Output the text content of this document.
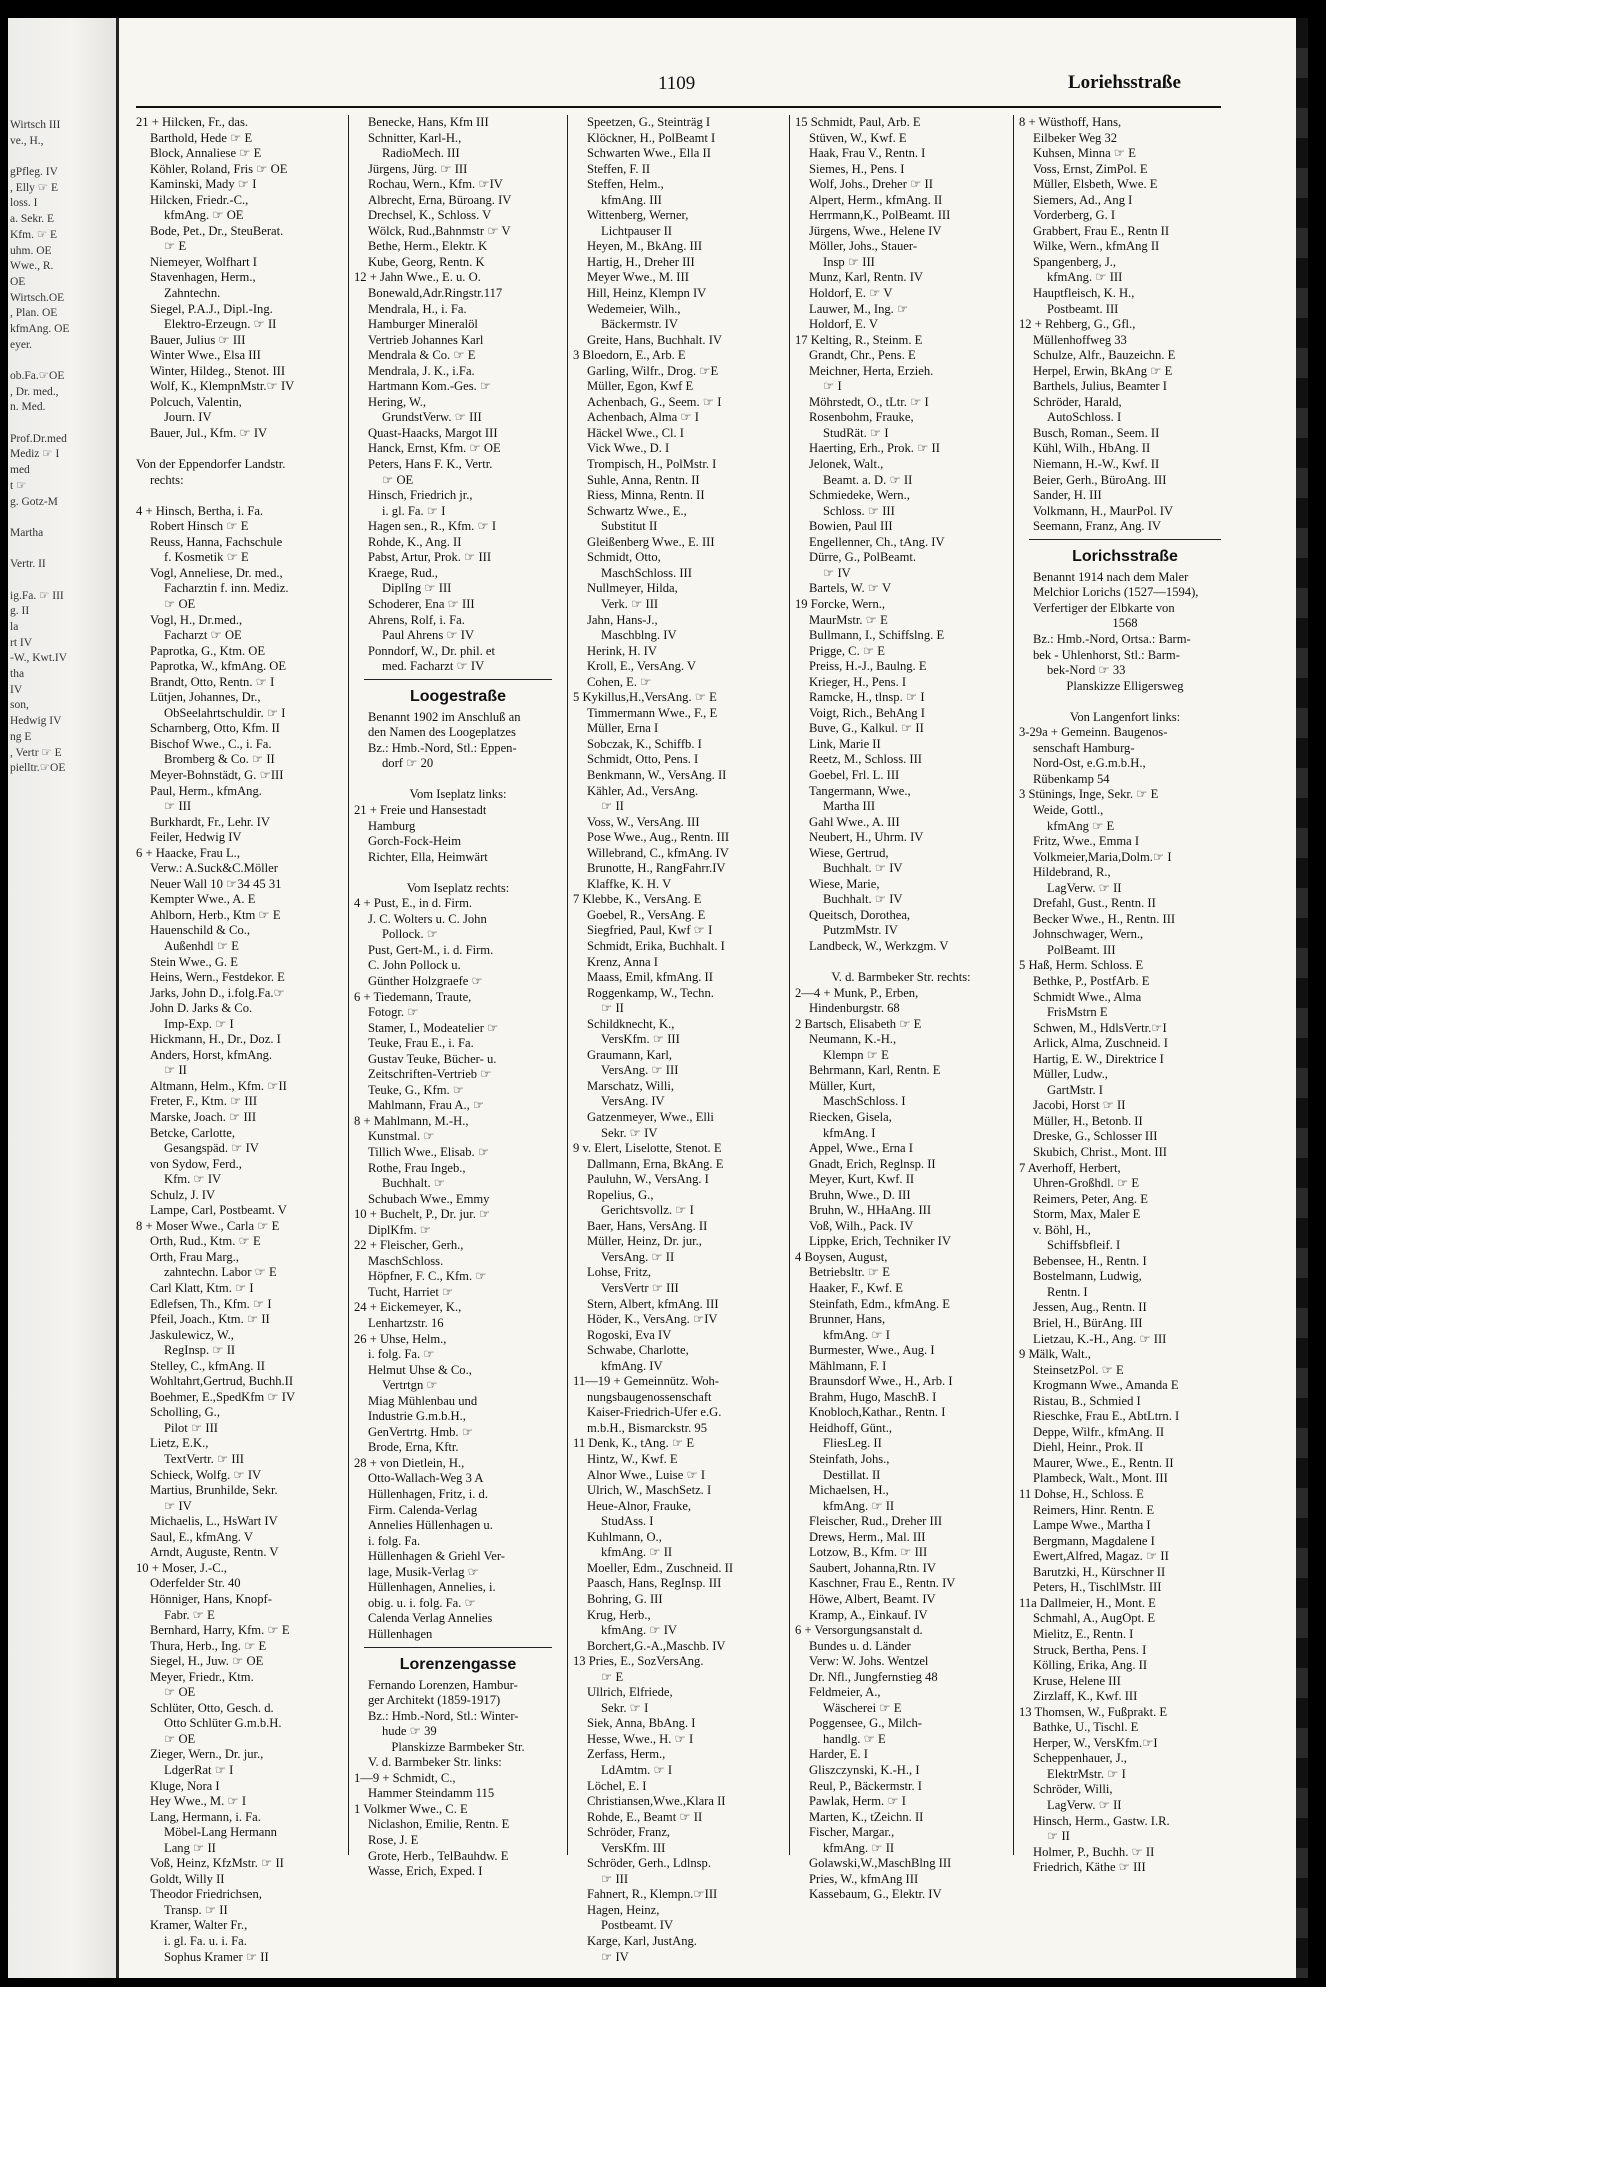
Wirtsch III
ve., H.,
gPfleg. IV
, Elly ☞ E
loss. I
a. Sekr. E
Kfm. ☞ E
uhm. OE
Wwe., R.
OE
Wirtsch.OE
, Plan. OE
kfmAng. OE
eyer.
ob.Fa.☞OE
, Dr. med.,
n. Med.
Prof.Dr.med
Mediz ☞ I
med
t ☞
g. Gotz-M
Martha
Vertr. II
ig.Fa. ☞ III
g. II
la
rt IV
-W., Kwt.IV
tha
IV
son,
Hedwig IV
ng E
, Vertr ☞ E
pielltr.☞OE
1109	Loriehsstraße
21 + Hilcken, Fr., das.
Barthold, Hede ☞ E
Block, Annaliese ☞ E
Köhler, Roland, Fris ☞ OE
Kaminski, Mady ☞ I
Hilcken, Friedr.-C.,
kfmAng. ☞ OE
Bode, Pet., Dr., SteuBerat.
☞ E
Niemeyer, Wolfhart I
Stavenhagen, Herm.,
Zahntechn.
Siegel, P.A.J., Dipl.-Ing.
Elektro-Erzeugn. ☞ II
Bauer, Julius ☞ III
Winter Wwe., Elsa III
Winter, Hildeg., Stenot. III
Wolf, K., KlempnMstr.☞ IV
Polcuch, Valentin,
Journ. IV
Bauer, Jul., Kfm. ☞ IV
Von der Eppendorfer Landstr.
rechts:
4 + Hinsch, Bertha, i. Fa.
Robert Hinsch ☞ E
Reuss, Hanna, Fachschule
f. Kosmetik ☞ E
Vogl, Anneliese, Dr. med.,
Facharztin f. inn. Mediz.
☞ OE
Vogl, H., Dr.med.,
Facharzt ☞ OE
Paprotka, G., Ktm. OE
Paprotka, W., kfmAng. OE
Brandt, Otto, Rentn. ☞ I
Lütjen, Johannes, Dr.,
ObSeelahrtschuldir. ☞ I
Scharnberg, Otto, Kfm. II
Bischof Wwe., C., i. Fa.
Bromberg & Co. ☞ II
Meyer-Bohnstädt, G. ☞III
Paul, Herm., kfmAng.
☞ III
Burkhardt, Fr., Lehr. IV
Feiler, Hedwig IV
6 + Haacke, Frau L.,
Verw.: A.Suck&C.Möller
Neuer Wall 10 ☞34 45 31
Kempter Wwe., A. E
Ahlborn, Herb., Ktm ☞ E
Hauenschild & Co.,
Außenhdl ☞ E
Stein Wwe., G. E
Heins, Wern., Festdekor. E
Jarks, John D., i.folg.Fa.☞
John D. Jarks & Co.
Imp-Exp. ☞ I
Hickmann, H., Dr., Doz. I
Anders, Horst, kfmAng.
☞ II
Altmann, Helm., Kfm. ☞II
Freter, F., Ktm. ☞ III
Marske, Joach. ☞ III
Betcke, Carlotte,
Gesangspäd. ☞ IV
von Sydow, Ferd.,
Kfm. ☞ IV
Schulz, J. IV
Lampe, Carl, Postbeamt. V
8 + Moser Wwe., Carla ☞ E
Orth, Rud., Ktm. ☞ E
Orth, Frau Marg.,
zahntechn. Labor ☞ E
Carl Klatt, Ktm. ☞ I
Edlefsen, Th., Kfm. ☞ I
Pfeil, Joach., Ktm. ☞ II
Jaskulewicz, W.,
RegInsp. ☞ II
Stelley, C., kfmAng. II
Wohltahrt,Gertrud, Buchh.II
Boehmer, E.,SpedKfm ☞ IV
Scholling, G.,
Pilot ☞ III
Lietz, E.K.,
TextVertr. ☞ III
Schieck, Wolfg. ☞ IV
Martius, Brunhilde, Sekr.
☞ IV
Michaelis, L., HsWart IV
Saul, E., kfmAng. V
Arndt, Auguste, Rentn. V
10 + Moser, J.-C.,
Oderfelder Str. 40
Hönniger, Hans, Knopf-
Fabr. ☞ E
Bernhard, Harry, Kfm. ☞ E
Thura, Herb., Ing. ☞ E
Siegel, H., Juw. ☞ OE
Meyer, Friedr., Ktm.
☞ OE
Schlüter, Otto, Gesch. d.
Otto Schlüter G.m.b.H.
☞ OE
Zieger, Wern., Dr. jur.,
LdgerRat ☞ I
Kluge, Nora I
Hey Wwe., M. ☞ I
Lang, Hermann, i. Fa.
Möbel-Lang Hermann
Lang ☞ II
Voß, Heinz, KfzMstr. ☞ II
Goldt, Willy II
Theodor Friedrichsen,
Transp. ☞ II
Kramer, Walter Fr.,
i. gl. Fa. u. i. Fa.
Sophus Kramer ☞ II
Benecke, Hans, Kfm III
Schnitter, Karl-H.,
RadioMech. III
Jürgens, Jürg. ☞ III
Rochau, Wern., Kfm. ☞IV
Albrecht, Erna, Büroang. IV
Drechsel, K., Schloss. V
Wölck, Rud.,Bahnmstr ☞ V
Bethe, Herm., Elektr. K
Kube, Georg, Rentn. K
12 + Jahn Wwe., E. u. O.
Bonewald,Adr.Ringstr.117
Mendrala, H., i. Fa.
Hamburger Mineralöl
Vertrieb Johannes Karl
Mendrala & Co. ☞ E
Mendrala, J. K., i.Fa.
Hartmann Kom.-Ges. ☞
Hering, W.,
GrundstVerw. ☞ III
Quast-Haacks, Margot III
Hanck, Ernst, Kfm. ☞ OE
Peters, Hans F. K., Vertr.
☞ OE
Hinsch, Friedrich jr.,
i. gl. Fa. ☞ I
Hagen sen., R., Kfm. ☞ I
Rohde, K., Ang. II
Pabst, Artur, Prok. ☞ III
Kraege, Rud.,
DiplIng ☞ III
Schoderer, Ena ☞ III
Ahrens, Rolf, i. Fa.
Paul Ahrens ☞ IV
Ponndorf, W., Dr. phil. et
med. Facharzt ☞ IV
Loogestraße
Benannt 1902 im Anschluß an
den Namen des Loogeplatzes
Bz.: Hmb.-Nord, Stl.: Eppen-
dorf ☞ 20
Vom Iseplatz links:
21 + Freie und Hansestadt
Hamburg
Gorch-Fock-Heim
Richter, Ella, Heimwärt
Vom Iseplatz rechts:
4 + Pust, E., in d. Firm.
J. C. Wolters u. C. John
Pollock. ☞
Pust, Gert-M., i. d. Firm.
C. John Pollock u.
Günther Holzgraefe ☞
6 + Tiedemann, Traute,
Fotogr. ☞
Stamer, I., Modeatelier ☞
Teuke, Frau E., i. Fa.
Gustav Teuke, Bücher- u.
Zeitschriften-Vertrieb ☞
Teuke, G., Kfm. ☞
Mahlmann, Frau A., ☞
8 + Mahlmann, M.-H.,
Kunstmal. ☞
Tillich Wwe., Elisab. ☞
Rothe, Frau Ingeb.,
Buchhalt. ☞
Schubach Wwe., Emmy
10 + Buchelt, P., Dr. jur. ☞
DiplKfm. ☞
22 + Fleischer, Gerh.,
MaschSchloss.
Höpfner, F. C., Kfm. ☞
Tucht, Harriet ☞
24 + Eickemeyer, K.,
Lenhartzstr. 16
26 + Uhse, Helm.,
i. folg. Fa. ☞
Helmut Uhse & Co.,
Vertrtgn ☞
Miag Mühlenbau und
Industrie G.m.b.H.,
GenVertrtg. Hmb. ☞
Brode, Erna, Kftr.
28 + von Dietlein, H.,
Otto-Wallach-Weg 3 A
Hüllenhagen, Fritz, i. d.
Firm. Calenda-Verlag
Annelies Hüllenhagen u.
i. folg. Fa.
Hüllenhagen & Griehl Ver-
lage, Musik-Verlag ☞
Hüllenhagen, Annelies, i.
obig. u. i. folg. Fa. ☞
Calenda Verlag Annelies
Hüllenhagen
Lorenzengasse
Fernando Lorenzen, Hambur-
ger Architekt (1859-1917)
Bz.: Hmb.-Nord, Stl.: Winter-
hude ☞ 39
Planskizze Barmbeker Str.
V. d. Barmbeker Str. links:
1—9 + Schmidt, C.,
Hammer Steindamm 115
1 Volkmer Wwe., C. E
Niclashon, Emilie, Rentn. E
Rose, J. E
Grote, Herb., TelBauhdw. E
Wasse, Erich, Exped. I
Speetzen, G., Steinträg I
Klöckner, H., PolBeamt I
Schwarten Wwe., Ella II
Steffen, F. II
Steffen, Helm.,
kfmAng. III
Wittenberg, Werner,
Lichtpauser II
Heyen, M., BkAng. III
Hartig, H., Dreher III
Meyer Wwe., M. III
Hill, Heinz, Klempn IV
Wedemeier, Wilh.,
Bäckermstr. IV
Greite, Hans, Buchhalt. IV
3 Bloedorn, E., Arb. E
Garling, Wilfr., Drog. ☞E
Müller, Egon, Kwf E
Achenbach, G., Seem. ☞ I
Achenbach, Alma ☞ I
Häckel Wwe., Cl. I
Vick Wwe., D. I
Trompisch, H., PolMstr. I
Suhle, Anna, Rentn. II
Riess, Minna, Rentn. II
Schwartz Wwe., E.,
Substitut II
Gleißenberg Wwe., E. III
Schmidt, Otto,
MaschSchloss. III
Nullmeyer, Hilda,
Verk. ☞ III
Jahn, Hans-J.,
Maschblng. IV
Herink, H. IV
Kroll, E., VersAng. V
Cohen, E. ☞
5 Kykillus,H.,VersAng. ☞ E
Timmermann Wwe., F., E
Müller, Erna I
Sobczak, K., Schiffb. I
Schmidt, Otto, Pens. I
Benkmann, W., VersAng. II
Kähler, Ad., VersAng.
☞ II
Voss, W., VersAng. III
Pose Wwe., Aug., Rentn. III
Willebrand, C., kfmAng. IV
Brunotte, H., RangFahrr.IV
Klaffke, K. H. V
7 Klebbe, K., VersAng. E
Goebel, R., VersAng. E
Siegfried, Paul, Kwf ☞ I
Schmidt, Erika, Buchhalt. I
Krenz, Anna I
Maass, Emil, kfmAng. II
Roggenkamp, W., Techn.
☞ II
Schildknecht, K.,
VersKfm. ☞ III
Graumann, Karl,
VersAng. ☞ III
Marschatz, Willi,
VersAng. IV
Gatzenmeyer, Wwe., Elli
Sekr. ☞ IV
9 v. Elert, Liselotte, Stenot. E
Dallmann, Erna, BkAng. E
Pauluhn, W., VersAng. I
Ropelius, G.,
Gerichtsvollz. ☞ I
Baer, Hans, VersAng. II
Müller, Heinz, Dr. jur.,
VersAng. ☞ II
Lohse, Fritz,
VersVertr ☞ III
Stern, Albert, kfmAng. III
Höder, K., VersAng. ☞IV
Rogoski, Eva IV
Schwabe, Charlotte,
kfmAng. IV
11—19 + Gemeinnütz. Woh-
nungsbaugenossenschaft
Kaiser-Friedrich-Ufer e.G.
m.b.H., Bismarckstr. 95
11 Denk, K., tAng. ☞ E
Hintz, W., Kwf. E
Alnor Wwe., Luise ☞ I
Ulrich, W., MaschSetz. I
Heue-Alnor, Frauke,
StudAss. I
Kuhlmann, O.,
kfmAng. ☞ II
Moeller, Edm., Zuschneid. II
Paasch, Hans, RegInsp. III
Bohring, G. III
Krug, Herb.,
kfmAng. ☞ IV
Borchert,G.-A.,Maschb. IV
13 Pries, E., SozVersAng.
☞ E
Ullrich, Elfriede,
Sekr. ☞ I
Siek, Anna, BbAng. I
Hesse, Wwe., H. ☞ I
Zerfass, Herm.,
LdAmtm. ☞ I
Löchel, E. I
Christiansen,Wwe.,Klara II
Rohde, E., Beamt ☞ II
Schröder, Franz,
VersKfm. III
Schröder, Gerh., Ldlnsp.
☞ III
Fahnert, R., Klempn.☞III
Hagen, Heinz,
Postbeamt. IV
Karge, Karl, JustAng.
☞ IV
15 Schmidt, Paul, Arb. E
Stüven, W., Kwf. E
Haak, Frau V., Rentn. I
Siemes, H., Pens. I
Wolf, Johs., Dreher ☞ II
Alpert, Herm., kfmAng. II
Herrmann,K., PolBeamt. III
Jürgens, Wwe., Helene IV
Möller, Johs., Stauer-
Insp ☞ III
Munz, Karl, Rentn. IV
Holdorf, E. ☞ V
Lauwer, M., Ing. ☞
Holdorf, E. V
17 Kelting, R., Steinm. E
Grandt, Chr., Pens. E
Meichner, Herta, Erzieh.
☞ I
Möhrstedt, O., tLtr. ☞ I
Rosenbohm, Frauke,
StudRät. ☞ I
Haerting, Erh., Prok. ☞ II
Jelonek, Walt.,
Beamt. a. D. ☞ II
Schmiedeke, Wern.,
Schloss. ☞ III
Bowien, Paul III
Engellenner, Ch., tAng. IV
Dürre, G., PolBeamt.
☞ IV
Bartels, W. ☞ V
19 Forcke, Wern.,
MaurMstr. ☞ E
Bullmann, I., Schiffslng. E
Prigge, C. ☞ E
Preiss, H.-J., Baulng. E
Krieger, H., Pens. I
Ramcke, H., tlnsp. ☞ I
Voigt, Rich., BehAng I
Buve, G., Kalkul. ☞ II
Link, Marie II
Reetz, M., Schloss. III
Goebel, Frl. L. III
Tangermann, Wwe.,
Martha III
Gahl Wwe., A. III
Neubert, H., Uhrm. IV
Wiese, Gertrud,
Buchhalt. ☞ IV
Wiese, Marie,
Buchhalt. ☞ IV
Queitsch, Dorothea,
PutzmMstr. IV
Landbeck, W., Werkzgm. V
V. d. Barmbeker Str. rechts:
2—4 + Munk, P., Erben,
Hindenburgstr. 68
2 Bartsch, Elisabeth ☞ E
Neumann, K.-H.,
Klempn ☞ E
Behrmann, Karl, Rentn. E
Müller, Kurt,
MaschSchloss. I
Riecken, Gisela,
kfmAng. I
Appel, Wwe., Erna I
Gnadt, Erich, Reglnsp. II
Meyer, Kurt, Kwf. II
Bruhn, Wwe., D. III
Bruhn, W., HHaAng. III
Voß, Wilh., Pack. IV
Lippke, Erich, Techniker IV
4 Boysen, August,
Betriebsltr. ☞ E
Haaker, F., Kwf. E
Steinfath, Edm., kfmAng. E
Brunner, Hans,
kfmAng. ☞ I
Burmester, Wwe., Aug. I
Mählmann, F. I
Braunsdorf Wwe., H., Arb. I
Brahm, Hugo, MaschB. I
Knobloch,Kathar., Rentn. I
Heidhoff, Günt.,
FliesLeg. II
Steinfath, Johs.,
Destillat. II
Michaelsen, H.,
kfmAng. ☞ II
Fleischer, Rud., Dreher III
Drews, Herm., Mal. III
Lotzow, B., Kfm. ☞ III
Saubert, Johanna,Rtn. IV
Kaschner, Frau E., Rentn. IV
Höwe, Albert, Beamt. IV
Kramp, A., Einkauf. IV
6 + Versorgungsanstalt d.
Bundes u. d. Länder
Verw: W. Johs. Wentzel
Dr. Nfl., Jungfernstieg 48
Feldmeier, A.,
Wäscherei ☞ E
Poggensee, G., Milch-
handlg. ☞ E
Harder, E. I
Gliszczynski, K.-H., I
Reul, P., Bäckermstr. I
Pawlak, Herm. ☞ I
Marten, K., tZeichn. II
Fischer, Margar.,
kfmAng. ☞ II
Golawski,W.,MaschBlng III
Pries, W., kfmAng III
Kassebaum, G., Elektr. IV
8 + Wüsthoff, Hans,
Eilbeker Weg 32
Kuhsen, Minna ☞ E
Voss, Ernst, ZimPol. E
Müller, Elsbeth, Wwe. E
Siemers, Ad., Ang I
Vorderberg, G. I
Grabbert, Frau E., Rentn II
Wilke, Wern., kfmAng II
Spangenberg, J.,
kfmAng. ☞ III
Hauptfleisch, K. H.,
Postbeamt. III
12 + Rehberg, G., Gfl.,
Müllenhoffweg 33
Schulze, Alfr., Bauzeichn. E
Herpel, Erwin, BkAng ☞ E
Barthels, Julius, Beamter I
Schröder, Harald,
AutoSchloss. I
Busch, Roman., Seem. II
Kühl, Wilh., HbAng. II
Niemann, H.-W., Kwf. II
Beier, Gerh., BüroAng. III
Sander, H. III
Volkmann, H., MaurPol. IV
Seemann, Franz, Ang. IV
Lorichsstraße
Benannt 1914 nach dem Maler
Melchior Lorichs (1527—1594),
Verfertiger der Elbkarte von
1568
Bz.: Hmb.-Nord, Ortsa.: Barm-
bek - Uhlenhorst, Stl.: Barm-
bek-Nord ☞ 33
Planskizze Elligersweg
Von Langenfort links:
3-29a + Gemeinn. Baugenos-
senschaft Hamburg-
Nord-Ost, e.G.m.b.H.,
Rübenkamp 54
3 Stünings, Inge, Sekr. ☞ E
Weide, Gottl.,
kfmAng ☞ E
Fritz, Wwe., Emma I
Volkmeier,Maria,Dolm.☞ I
Hildebrand, R.,
LagVerw. ☞ II
Drefahl, Gust., Rentn. II
Becker Wwe., H., Rentn. III
Johnschwager, Wern.,
PolBeamt. III
5 Haß, Herm. Schloss. E
Bethke, P., PostfArb. E
Schmidt Wwe., Alma
FrisMstrn E
Schwen, M., HdlsVertr.☞I
Arlick, Alma, Zuschneid. I
Hartig, E. W., Direktrice I
Müller, Ludw.,
GartMstr. I
Jacobi, Horst ☞ II
Müller, H., Betonb. II
Dreske, G., Schlosser III
Skubich, Christ., Mont. III
7 Averhoff, Herbert,
Uhren-Großhdl. ☞ E
Reimers, Peter, Ang. E
Storm, Max, Maler E
v. Böhl, H.,
Schiffsbfleif. I
Bebensee, H., Rentn. I
Bostelmann, Ludwig,
Rentn. I
Jessen, Aug., Rentn. II
Briel, H., BürAng. III
Lietzau, K.-H., Ang. ☞ III
9 Mälk, Walt.,
SteinsetzPol. ☞ E
Krogmann Wwe., Amanda E
Ristau, B., Schmied I
Rieschke, Frau E., AbtLtrn. I
Deppe, Wilfr., kfmAng. II
Diehl, Heinr., Prok. II
Maurer, Wwe., E., Rentn. II
Plambeck, Walt., Mont. III
11 Dohse, H., Schloss. E
Reimers, Hinr. Rentn. E
Lampe Wwe., Martha I
Bergmann, Magdalene I
Ewert,Alfred, Magaz. ☞ II
Barutzki, H., Kürschner II
Peters, H., TischlMstr. III
11a Dallmeier, H., Mont. E
Schmahl, A., AugOpt. E
Mielitz, E., Rentn. I
Struck, Bertha, Pens. I
Kölling, Erika, Ang. II
Kruse, Helene III
Zirzlaff, K., Kwf. III
13 Thomsen, W., Fußprakt. E
Bathke, U., Tischl. E
Herper, W., VersKfm.☞I
Scheppenhauer, J.,
ElektrMstr. ☞ I
Schröder, Willi,
LagVerw. ☞ II
Hinsch, Herm., Gastw. I.R.
☞ II
Holmer, P., Buchh. ☞ II
Friedrich, Käthe ☞ III
